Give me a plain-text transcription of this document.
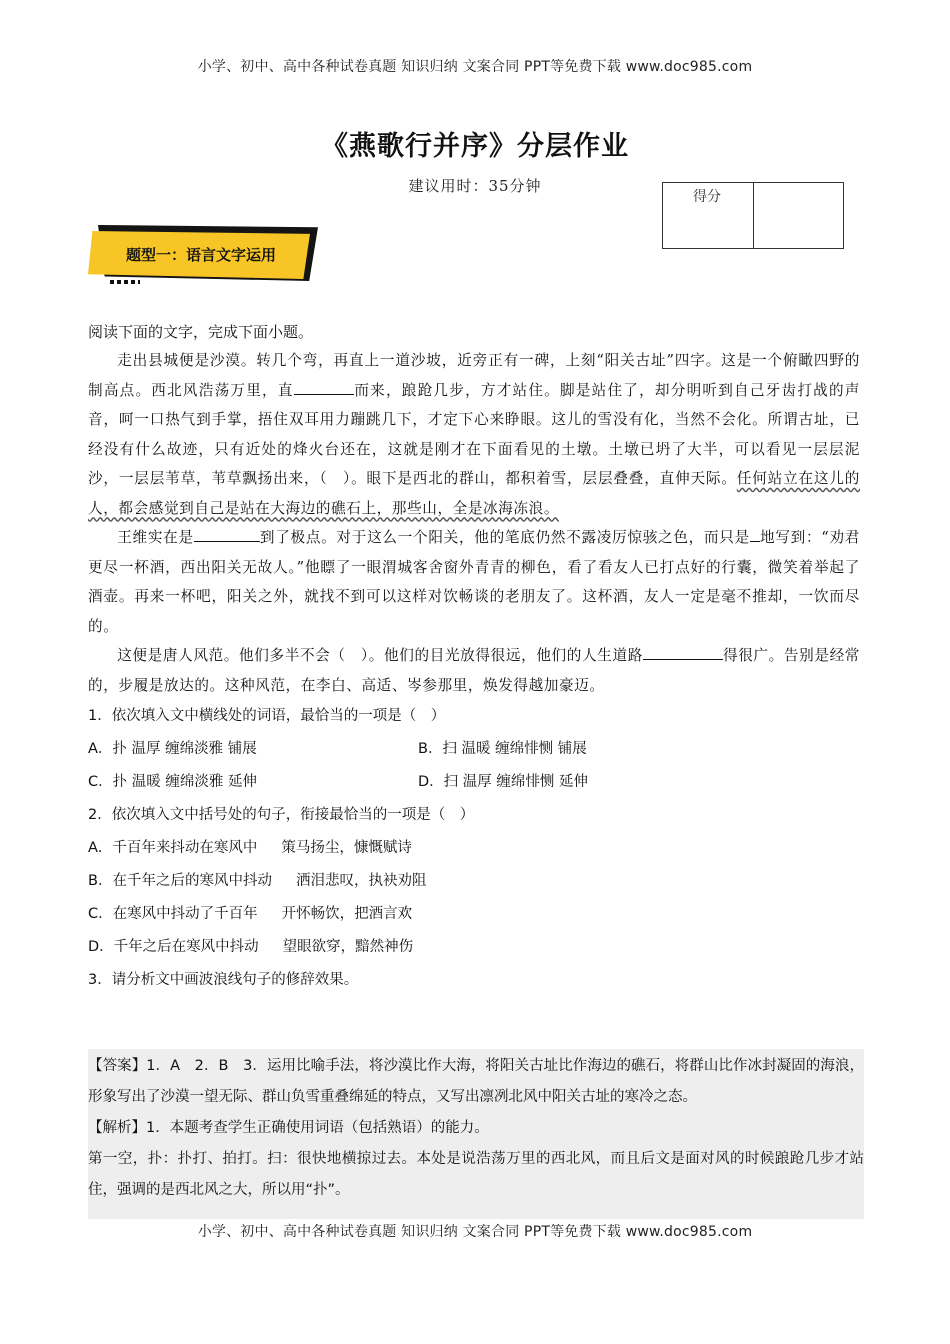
小学、初中、高中各种试卷真题 知识归纳 文案合同 PPT等免费下载 www.doc985.com
《燕歌行并序》分层作业
建议用时：35分钟
得分
题型一：语言文字运用

阅读下面的文字，完成下面小题。

走出县城便是沙漠。转几个弯，再直上一道沙坡，近旁正有一碑，上刻“阳关古址”四字。这是一个俯瞰四野的制高点。西北风浩荡万里，直	而来，踉跄几步，方才站住。脚是站住了，却分明听到自己牙齿打战的声音，呵一口热气到手掌，捂住双耳用力蹦跳几下，才定下心来睁眼。这儿的雪没有化，当然不会化。所谓古址，已经没有什么故迹，只有近处的烽火台还在，这就是刚才在下面看见的土墩。土墩已坍了大半，可以看见一层层泥沙，一层层苇草，苇草飘扬出来，（　）。眼下是西北的群山，都积着雪，层层叠叠，直伸天际。任何站立在这儿的人，都会感觉到自己是站在大海边的礁石上，那些山，全是冰海冻浪。

王维实在是	到了极点。对于这么一个阳关，他的笔底仍然不露凌厉惊骇之色，而只是 地写到：“劝君更尽一杯酒，西出阳关无故人。”他瞟了一眼渭城客舍窗外青青的柳色，看了看友人已打点好的行囊，微笑着举起了酒壶。再来一杯吧，阳关之外，就找不到可以这样对饮畅谈的老朋友了。这杯酒，友人一定是毫不推却，一饮而尽的。

这便是唐人风范。他们多半不会（　）。他们的目光放得很远，他们的人生道路	得很广。告别是经常的，步履是放达的。这种风范，在李白、高适、岑参那里，焕发得越加豪迈。

1．依次填入文中横线处的词语，最恰当的一项是（　）

A．扑 温厚 缠绵淡雅 铺展	B．扫 温暖 缠绵悱恻 铺展

C．扑 温暖 缠绵淡雅 延伸	D．扫 温厚 缠绵悱恻 延伸

2．依次填入文中括号处的句子，衔接最恰当的一项是（　）

A．千百年来抖动在寒风中 策马扬尘，慷慨赋诗

B．在千年之后的寒风中抖动 洒泪悲叹，执袂劝阻

C．在寒风中抖动了千百年 开怀畅饮，把酒言欢

D．千年之后在寒风中抖动 望眼欲穿，黯然神伤

3．请分析文中画波浪线句子的修辞效果。

【答案】1．A　2．B　3．运用比喻手法，将沙漠比作大海，将阳关古址比作海边的礁石，将群山比作冰封凝固的海浪，形象写出了沙漠一望无际、群山负雪重叠绵延的特点，又写出凛冽北风中阳关古址的寒冷之态。

【解析】1．本题考查学生正确使用词语（包括熟语）的能力。

第一空，扑：扑打、拍打。扫：很快地横掠过去。本处是说浩荡万里的西北风，而且后文是面对风的时候踉跄几步才站住，强调的是西北风之大，所以用“扑”。

小学、初中、高中各种试卷真题 知识归纳 文案合同 PPT等免费下载 www.doc985.com
